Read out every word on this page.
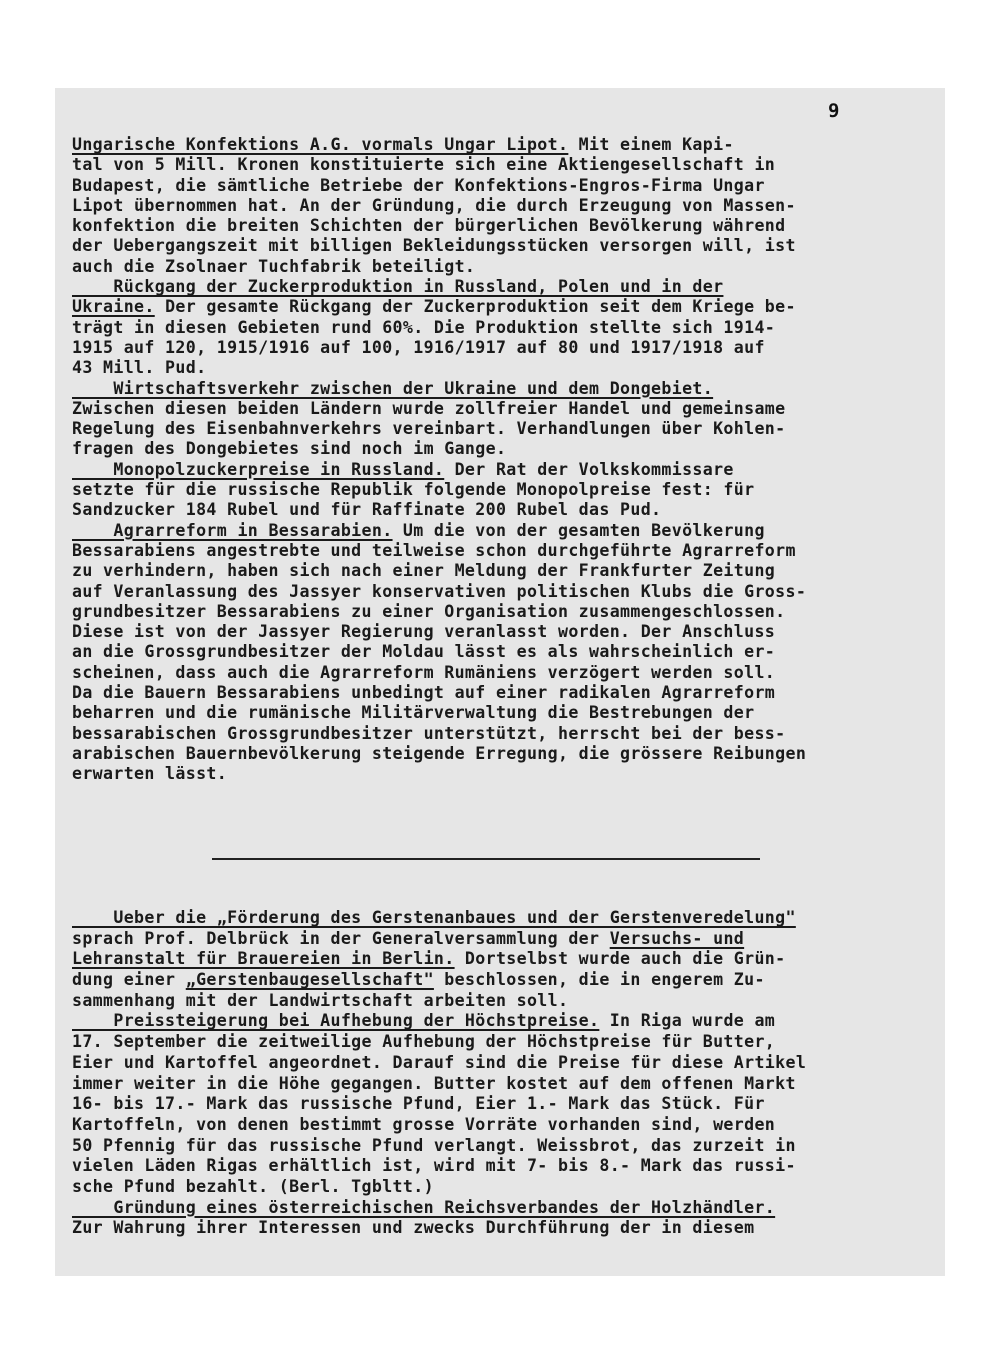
9
Ungarische Konfektions A.G. vormals Ungar Lipot. Mit einem Kapi-
tal von 5 Mill. Kronen konstituierte sich eine Aktiengesellschaft in
Budapest, die sämtliche Betriebe der Konfektions-Engros-Firma Ungar
Lipot übernommen hat. An der Gründung, die durch Erzeugung von Massen-
konfektion die breiten Schichten der bürgerlichen Bevölkerung während
der Uebergangszeit mit billigen Bekleidungsstücken versorgen will, ist
auch die Zsolnaer Tuchfabrik beteiligt.
Rückgang der Zuckerproduktion in Russland, Polen und in der
Ukraine. Der gesamte Rückgang der Zuckerproduktion seit dem Kriege be-
trägt in diesen Gebieten rund 60%. Die Produktion stellte sich 1914-
1915 auf 120, 1915/1916 auf 100, 1916/1917 auf 80 und 1917/1918 auf
43 Mill. Pud.
Wirtschaftsverkehr zwischen der Ukraine und dem Dongebiet.
Zwischen diesen beiden Ländern wurde zollfreier Handel und gemeinsame
Regelung des Eisenbahnverkehrs vereinbart. Verhandlungen über Kohlen-
fragen des Dongebietes sind noch im Gange.
Monopolzuckerpreise in Russland. Der Rat der Volkskommissare
setzte für die russische Republik folgende Monopolpreise fest: für
Sandzucker 184 Rubel und für Raffinate 200 Rubel das Pud.
Agrarreform in Bessarabien. Um die von der gesamten Bevölkerung
Bessarabiens angestrebte und teilweise schon durchgeführte Agrarreform
zu verhindern, haben sich nach einer Meldung der Frankfurter Zeitung
auf Veranlassung des Jassyer konservativen politischen Klubs die Gross-
grundbesitzer Bessarabiens zu einer Organisation zusammengeschlossen.
Diese ist von der Jassyer Regierung veranlasst worden. Der Anschluss
an die Grossgrundbesitzer der Moldau lässt es als wahrscheinlich er-
scheinen, dass auch die Agrarreform Rumäniens verzögert werden soll.
Da die Bauern Bessarabiens unbedingt auf einer radikalen Agrarreform
beharren und die rumänische Militärverwaltung die Bestrebungen der
bessarabischen Grossgrundbesitzer unterstützt, herrscht bei der bess-
arabischen Bauernbevölkerung steigende Erregung, die grössere Reibungen
erwarten lässt.
Ueber die „Förderung des Gerstenanbaues und der Gerstenveredelung"
sprach Prof. Delbrück in der Generalversammlung der Versuchs- und
Lehranstalt für Brauereien in Berlin. Dortselbst wurde auch die Grün-
dung einer „Gerstenbaugesellschaft" beschlossen, die in engerem Zu-
sammenhang mit der Landwirtschaft arbeiten soll.
Preissteigerung bei Aufhebung der Höchstpreise. In Riga wurde am
17. September die zeitweilige Aufhebung der Höchstpreise für Butter,
Eier und Kartoffel angeordnet. Darauf sind die Preise für diese Artikel
immer weiter in die Höhe gegangen. Butter kostet auf dem offenen Markt
16- bis 17.- Mark das russische Pfund, Eier 1.- Mark das Stück. Für
Kartoffeln, von denen bestimmt grosse Vorräte vorhanden sind, werden
50 Pfennig für das russische Pfund verlangt. Weissbrot, das zurzeit in
vielen Läden Rigas erhältlich ist, wird mit 7- bis 8.- Mark das russi-
sche Pfund bezahlt. (Berl. Tgbltt.)
Gründung eines österreichischen Reichsverbandes der Holzhändler.
Zur Wahrung ihrer Interessen und zwecks Durchführung der in diesem
